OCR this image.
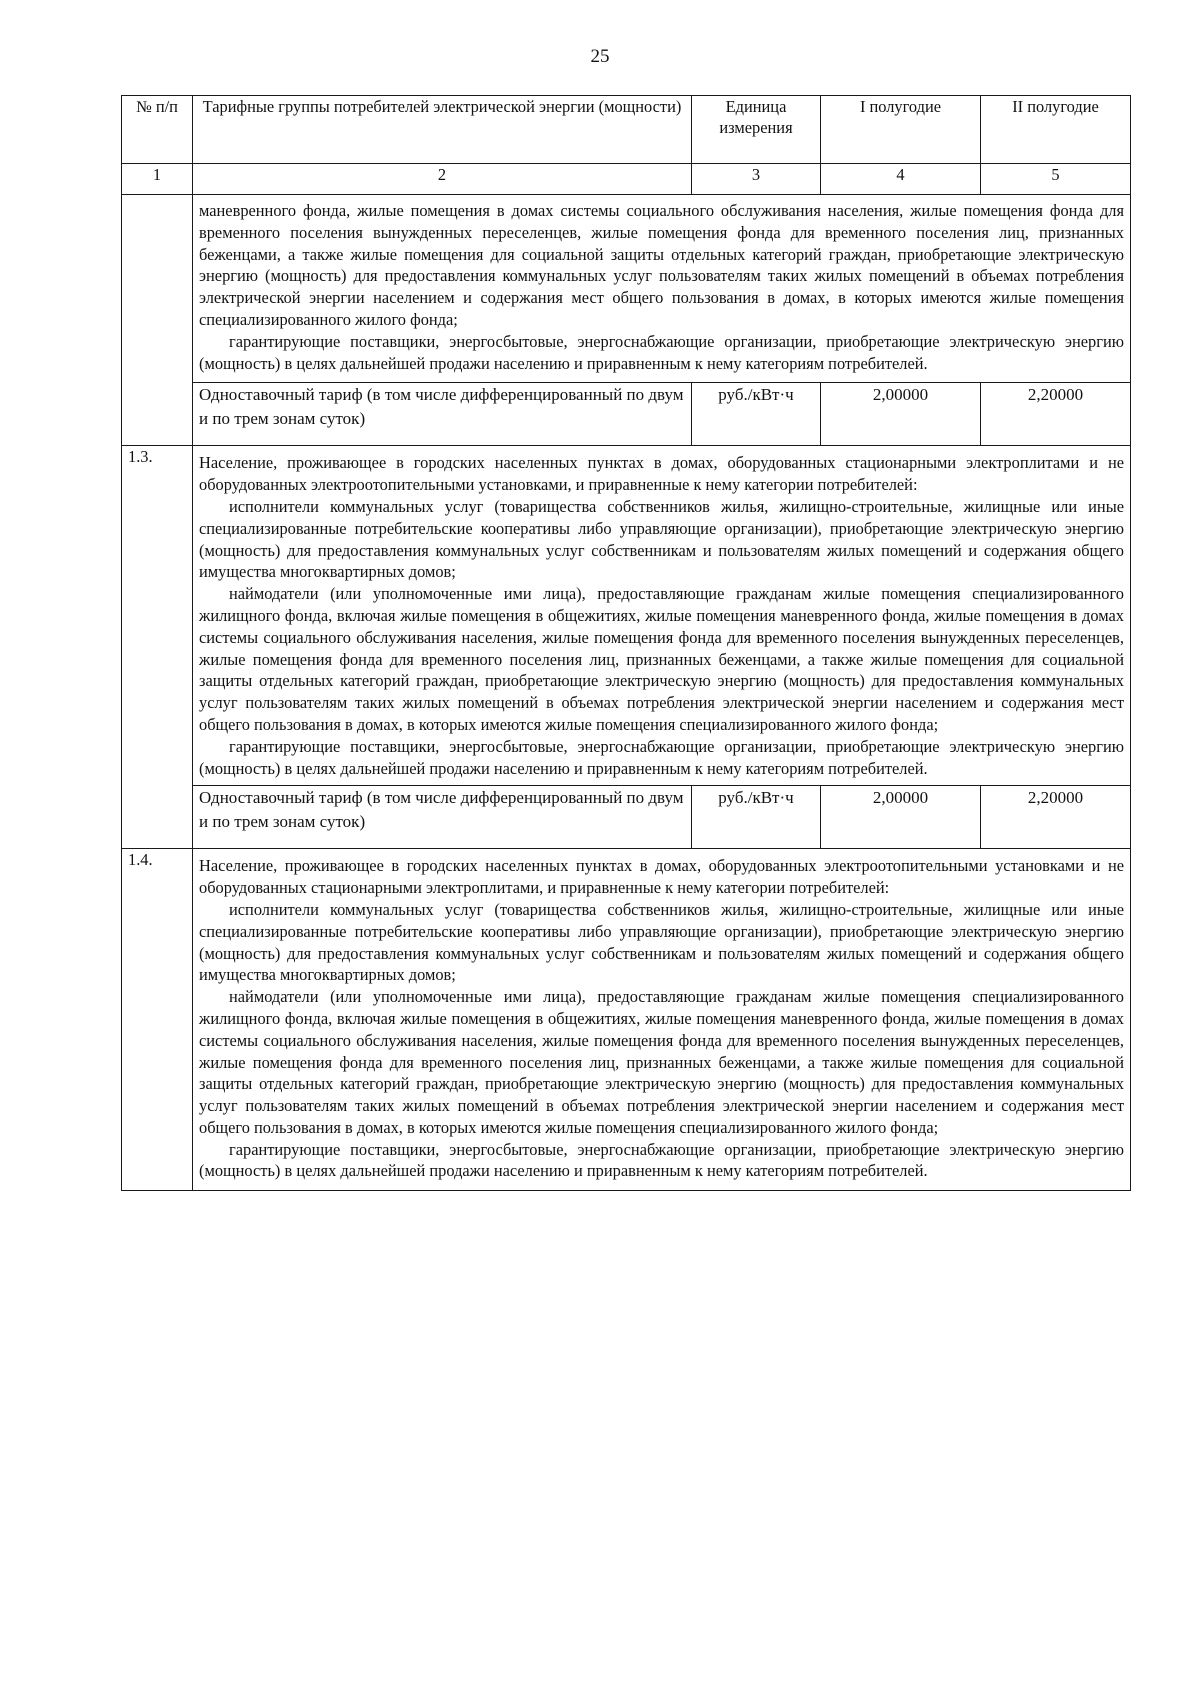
25
№ п/п	Тарифные группы потребителей электрической энергии (мощности)	Единица измерения	I полугодие	II полугодие
1	2	3	4	5

	маневренного фонда, жилые помещения в домах системы социального обслуживания населения, жилые помещения фонда для временного поселения вынужденных переселенцев, жилые помещения фонда для временного поселения лиц, признанных беженцами, а также жилые помещения для социальной защиты отдельных категорий граждан, приобретающие электрическую энергию (мощность) для предоставления коммунальных услуг пользователям таких жилых помещений в объемах потребления электрической энергии населением и содержания мест общего пользования в домах, в которых имеются жилые помещения специализированного жилого фонда;

гарантирующие поставщики, энергосбытовые, энергоснабжающие организации, приобретающие электрическую энергию (мощность) в целях дальнейшей продажи населению и приравненным к нему категориям потребителей.			

	Одноставочный тариф (в том числе дифференцированный по двум и по трем зонам суток)	руб./кВт·ч	2,00000	2,20000
1.3.	Население, проживающее в городских населенных пунктах в домах, оборудованных стационарными электроплитами и не оборудованных электроотопительными установками, и приравненные к нему категории потребителей:

исполнители коммунальных услуг (товарищества собственников жилья, жилищно-строительные, жилищные или иные специализированные потребительские кооперативы либо управляющие организации), приобретающие электрическую энергию (мощность) для предоставления коммунальных услуг собственникам и пользователям жилых помещений и содержания общего имущества многоквартирных домов;

наймодатели (или уполномоченные ими лица), предоставляющие гражданам жилые помещения специализированного жилищного фонда, включая жилые помещения в общежитиях, жилые помещения маневренного фонда, жилые помещения в домах системы социального обслуживания населения, жилые помещения фонда для временного поселения вынужденных переселенцев, жилые помещения фонда для временного поселения лиц, признанных беженцами, а также жилые помещения для социальной защиты отдельных категорий граждан, приобретающие электрическую энергию (мощность) для предоставления коммунальных услуг пользователям таких жилых помещений в объемах потребления электрической энергии населением и содержания мест общего пользования в домах, в которых имеются жилые помещения специализированного жилого фонда;

гарантирующие поставщики, энергосбытовые, энергоснабжающие организации, приобретающие электрическую энергию (мощность) в целях дальнейшей продажи населению и приравненным к нему категориям потребителей.			

	Одноставочный тариф (в том числе дифференцированный по двум и по трем зонам суток)	руб./кВт·ч	2,00000	2,20000
1.4.	Население, проживающее в городских населенных пунктах в домах, оборудованных электроотопительными установками и не оборудованных стационарными электроплитами, и приравненные к нему категории потребителей:

исполнители коммунальных услуг (товарищества собственников жилья, жилищно-строительные, жилищные или иные специализированные потребительские кооперативы либо управляющие организации), приобретающие электрическую энергию (мощность) для предоставления коммунальных услуг собственникам и пользователям жилых помещений и содержания общего имущества многоквартирных домов;

наймодатели (или уполномоченные ими лица), предоставляющие гражданам жилые помещения специализированного жилищного фонда, включая жилые помещения в общежитиях, жилые помещения маневренного фонда, жилые помещения в домах системы социального обслуживания населения, жилые помещения фонда для временного поселения вынужденных переселенцев, жилые помещения фонда для временного поселения лиц, признанных беженцами, а также жилые помещения для социальной защиты отдельных категорий граждан, приобретающие электрическую энергию (мощность) для предоставления коммунальных услуг пользователям таких жилых помещений в объемах потребления электрической энергии населением и содержания мест общего пользования в домах, в которых имеются жилые помещения специализированного жилого фонда;

гарантирующие поставщики, энергосбытовые, энергоснабжающие организации, приобретающие электрическую энергию (мощность) в целях дальнейшей продажи населению и приравненным к нему категориям потребителей.			
